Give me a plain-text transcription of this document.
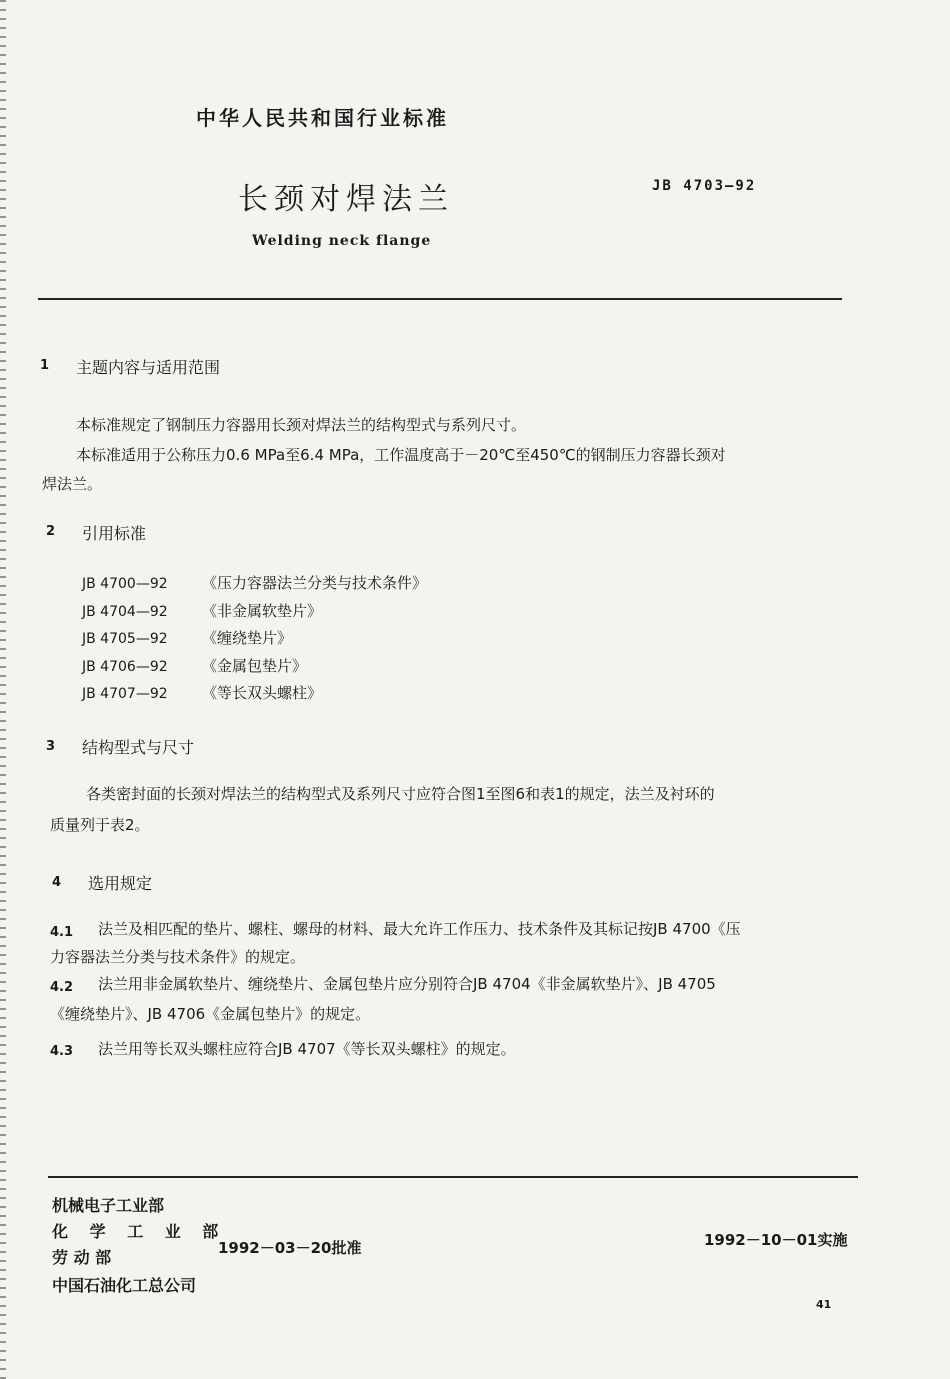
中华人民共和国行业标准
长颈对焊法兰	JB 4703—92
Welding neck flange
1 主题内容与适用范围
本标准规定了钢制压力容器用长颈对焊法兰的结构型式与系列尺寸。
本标准适用于公称压力0.6 MPa至6.4 MPa，工作温度高于－20℃至450℃的钢制压力容器长颈对
焊法兰。
2 引用标准
JB 4700—92 《压力容器法兰分类与技术条件》
JB 4704—92 《非金属软垫片》
JB 4705—92 《缠绕垫片》
JB 4706—92 《金属包垫片》
JB 4707—92 《等长双头螺柱》
3 结构型式与尺寸
各类密封面的长颈对焊法兰的结构型式及系列尺寸应符合图1至图6和表1的规定，法兰及衬环的
质量列于表2。
4 选用规定
4.1 法兰及相匹配的垫片、螺柱、螺母的材料、最大允许工作压力、技术条件及其标记按JB 4700《压
力容器法兰分类与技术条件》的规定。
4.2 法兰用非金属软垫片、缠绕垫片、金属包垫片应分别符合JB 4704《非金属软垫片》、JB 4705
《缠绕垫片》、JB 4706《金属包垫片》的规定。
4.3 法兰用等长双头螺柱应符合JB 4707《等长双头螺柱》的规定。
机械电子工业部
化 学 工 业 部
劳 动 部
中国石油化工总公司
1992－03－20批准	1992－10－01实施
41
